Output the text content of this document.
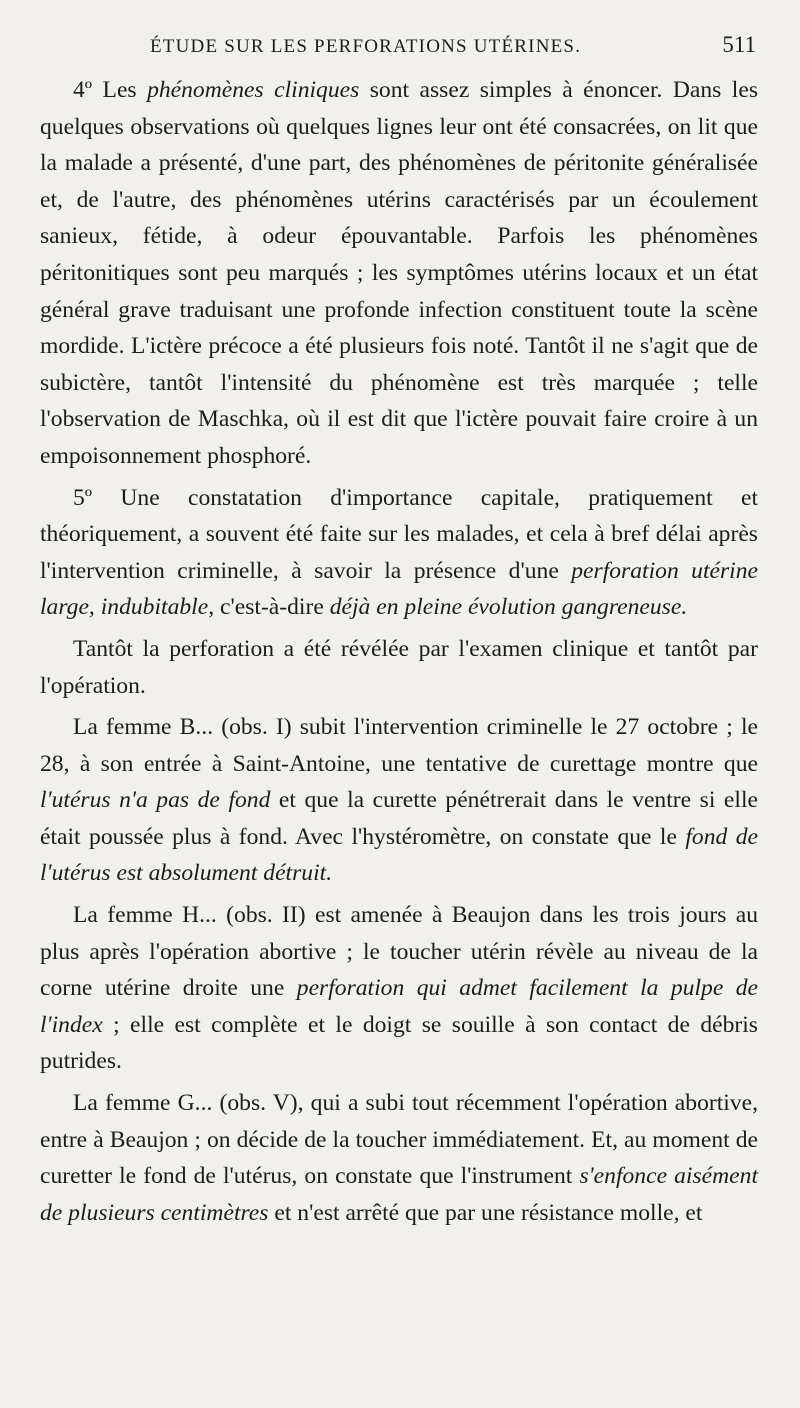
ÉTUDE SUR LES PERFORATIONS UTÉRINES.	511

4º Les phénomènes cliniques sont assez simples à énoncer. Dans les quelques observations où quelques lignes leur ont été consacrées, on lit que la malade a présenté, d'une part, des phénomènes de péritonite généralisée et, de l'autre, des phénomènes utérins caractérisés par un écoulement sanieux, fétide, à odeur épouvantable. Parfois les phénomènes péritonitiques sont peu marqués ; les symptômes utérins locaux et un état général grave traduisant une profonde infection constituent toute la scène mordide. L'ictère précoce a été plusieurs fois noté. Tantôt il ne s'agit que de subictère, tantôt l'intensité du phénomène est très marquée ; telle l'observation de Maschka, où il est dit que l'ictère pouvait faire croire à un empoisonnement phosphoré.

5º Une constatation d'importance capitale, pratiquement et théoriquement, a souvent été faite sur les malades, et cela à bref délai après l'intervention criminelle, à savoir la présence d'une perforation utérine large, indubitable, c'est-à-dire déjà en pleine évolution gangreneuse.

Tantôt la perforation a été révélée par l'examen clinique et tantôt par l'opération.

La femme B... (obs. I) subit l'intervention criminelle le 27 octobre ; le 28, à son entrée à Saint-Antoine, une tentative de curettage montre que l'utérus n'a pas de fond et que la curette pénétrerait dans le ventre si elle était poussée plus à fond. Avec l'hystéromètre, on constate que le fond de l'utérus est absolument détruit.

La femme H... (obs. II) est amenée à Beaujon dans les trois jours au plus après l'opération abortive ; le toucher utérin révèle au niveau de la corne utérine droite une perforation qui admet facilement la pulpe de l'index ; elle est complète et le doigt se souille à son contact de débris putrides.

La femme G... (obs. V), qui a subi tout récemment l'opération abortive, entre à Beaujon ; on décide de la toucher immédiatement. Et, au moment de curetter le fond de l'utérus, on constate que l'instrument s'enfonce aisément de plusieurs centimètres et n'est arrêté que par une résistance molle, et
